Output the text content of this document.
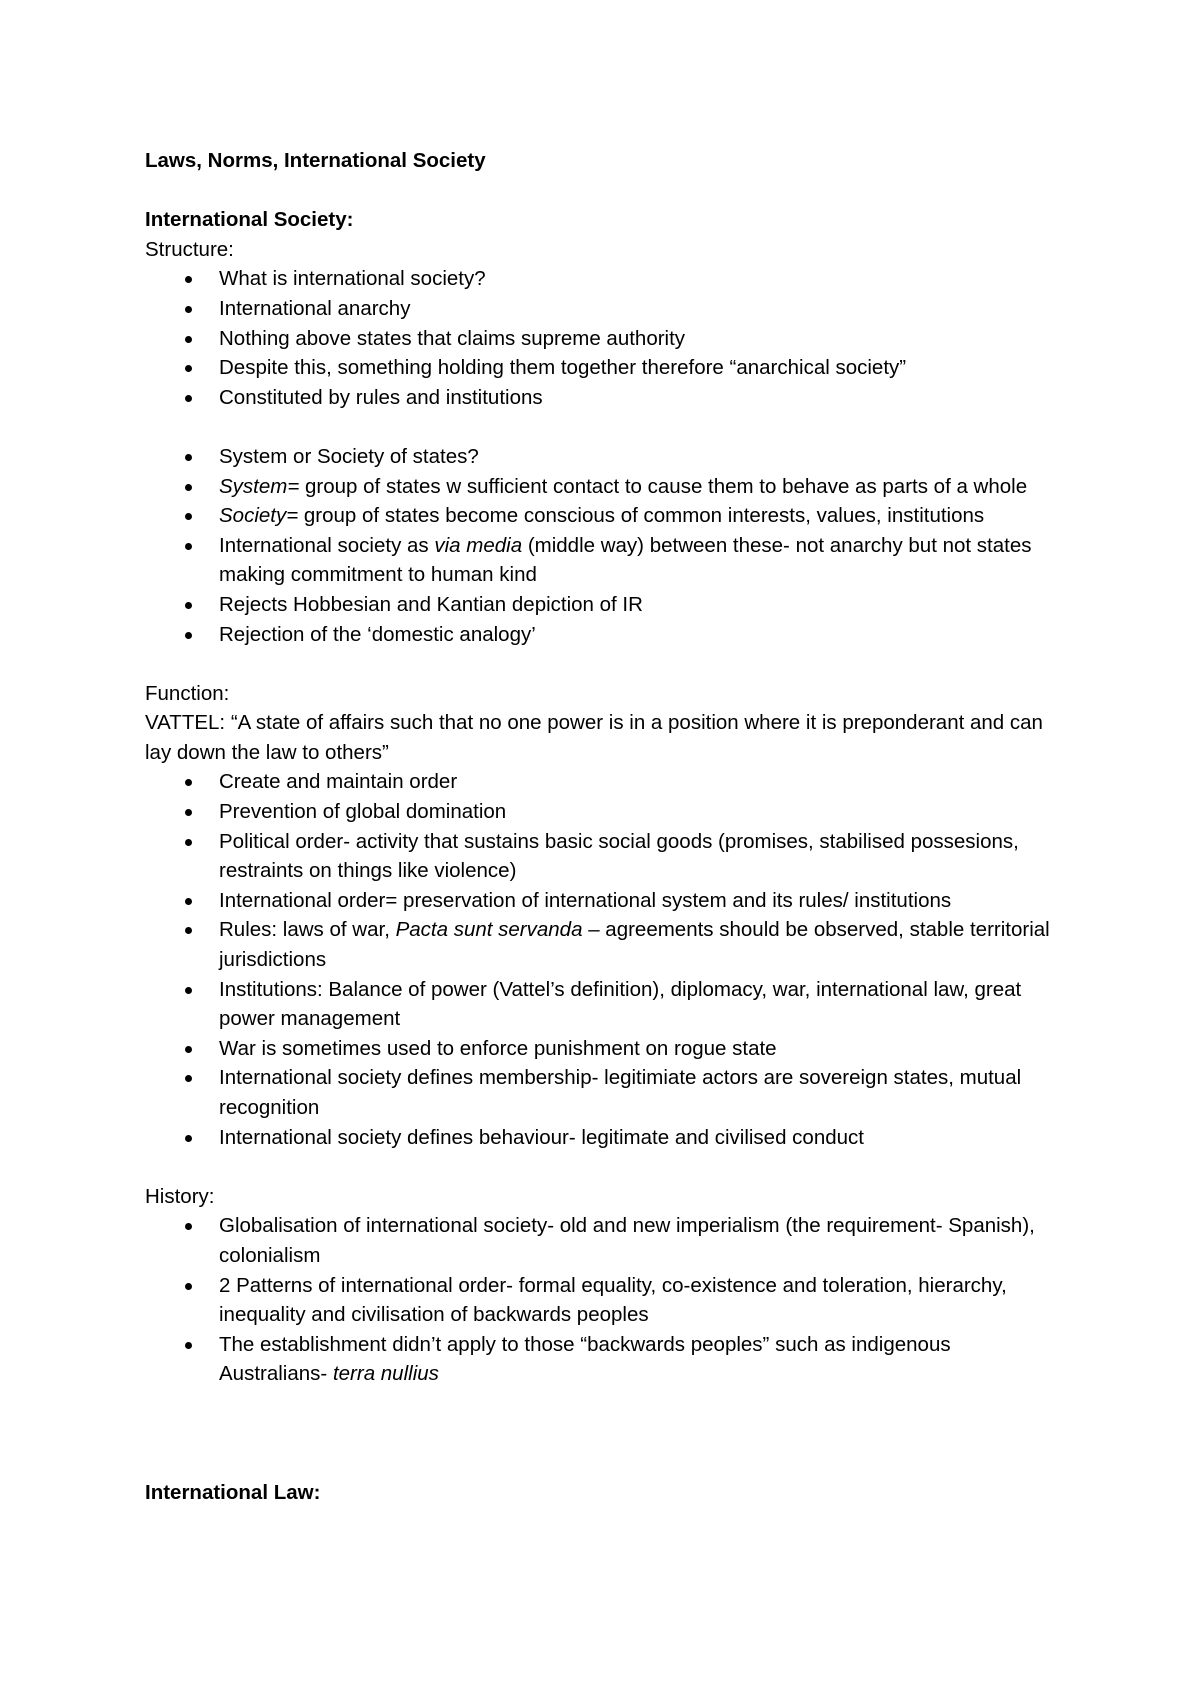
Laws, Norms, International Society

International Society:

Structure:

What is international society?
International anarchy
Nothing above states that claims supreme authority
Despite this, something holding them together therefore “anarchical society”
Constituted by rules and institutions
System or Society of states?
System= group of states w sufficient contact to cause them to behave as parts of a whole
Society= group of states become conscious of common interests, values, institutions
International society as via media (middle way) between these- not anarchy but not states making commitment to human kind
Rejects Hobbesian and Kantian depiction of IR
Rejection of the ‘domestic analogy’

Function:

VATTEL: “A state of affairs such that no one power is in a position where it is preponderant and can lay down the law to others”

Create and maintain order
Prevention of global domination
Political order- activity that sustains basic social goods (promises, stabilised possesions, restraints on things like violence)
International order= preservation of international system and its rules/ institutions
Rules: laws of war, Pacta sunt servanda – agreements should be observed, stable territorial jurisdictions
Institutions: Balance of power (Vattel’s definition), diplomacy, war, international law, great power management
War is sometimes used to enforce punishment on rogue state
International society defines membership- legitimiate actors are sovereign states, mutual recognition
International society defines behaviour- legitimate and civilised conduct

History:

Globalisation of international society- old and new imperialism (the requirement- Spanish), colonialism
2 Patterns of international order- formal equality, co-existence and toleration, hierarchy, inequality and civilisation of backwards peoples
The establishment didn’t apply to those “backwards peoples” such as indigenous Australians- terra nullius

International Law:
